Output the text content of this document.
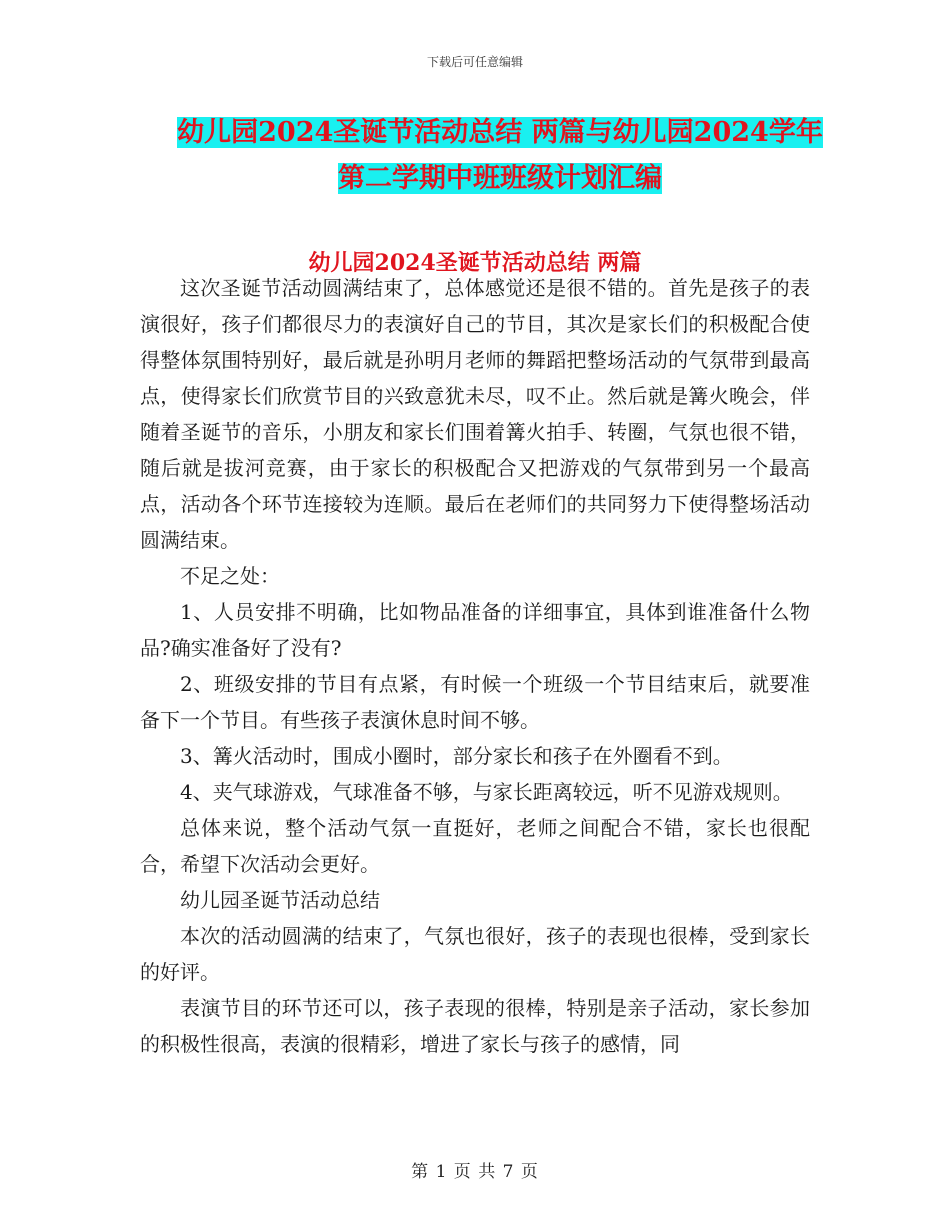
下载后可任意编辑
幼儿园2024圣诞节活动总结 两篇与幼儿园2024学年
第二学期中班班级计划汇编
幼儿园2024圣诞节活动总结 两篇

这次圣诞节活动圆满结束了，总体感觉还是很不错的。首先是孩子的表演很好，孩子们都很尽力的表演好自己的节目，其次是家长们的积极配合使得整体氛围特别好，最后就是孙明月老师的舞蹈把整场活动的气氛带到最高点，使得家长们欣赏节目的兴致意犹未尽，叹不止。然后就是篝火晚会，伴随着圣诞节的音乐，小朋友和家长们围着篝火拍手、转圈，气氛也很不错，随后就是拔河竞赛，由于家长的积极配合又把游戏的气氛带到另一个最高点，活动各个环节连接较为连顺。最后在老师们的共同努力下使得整场活动圆满结束。

不足之处：

1、人员安排不明确，比如物品准备的详细事宜，具体到谁准备什么物品?确实准备好了没有?

2、班级安排的节目有点紧，有时候一个班级一个节目结束后，就要准备下一个节目。有些孩子表演休息时间不够。

3、篝火活动时，围成小圈时，部分家长和孩子在外圈看不到。

4、夹气球游戏，气球准备不够，与家长距离较远，听不见游戏规则。

总体来说，整个活动气氛一直挺好，老师之间配合不错，家长也很配合，希望下次活动会更好。

幼儿园圣诞节活动总结

本次的活动圆满的结束了，气氛也很好，孩子的表现也很棒，受到家长的好评。

表演节目的环节还可以，孩子表现的很棒，特别是亲子活动，家长参加的积极性很高，表演的很精彩，增进了家长与孩子的感情，同

第 1 页 共 7 页
